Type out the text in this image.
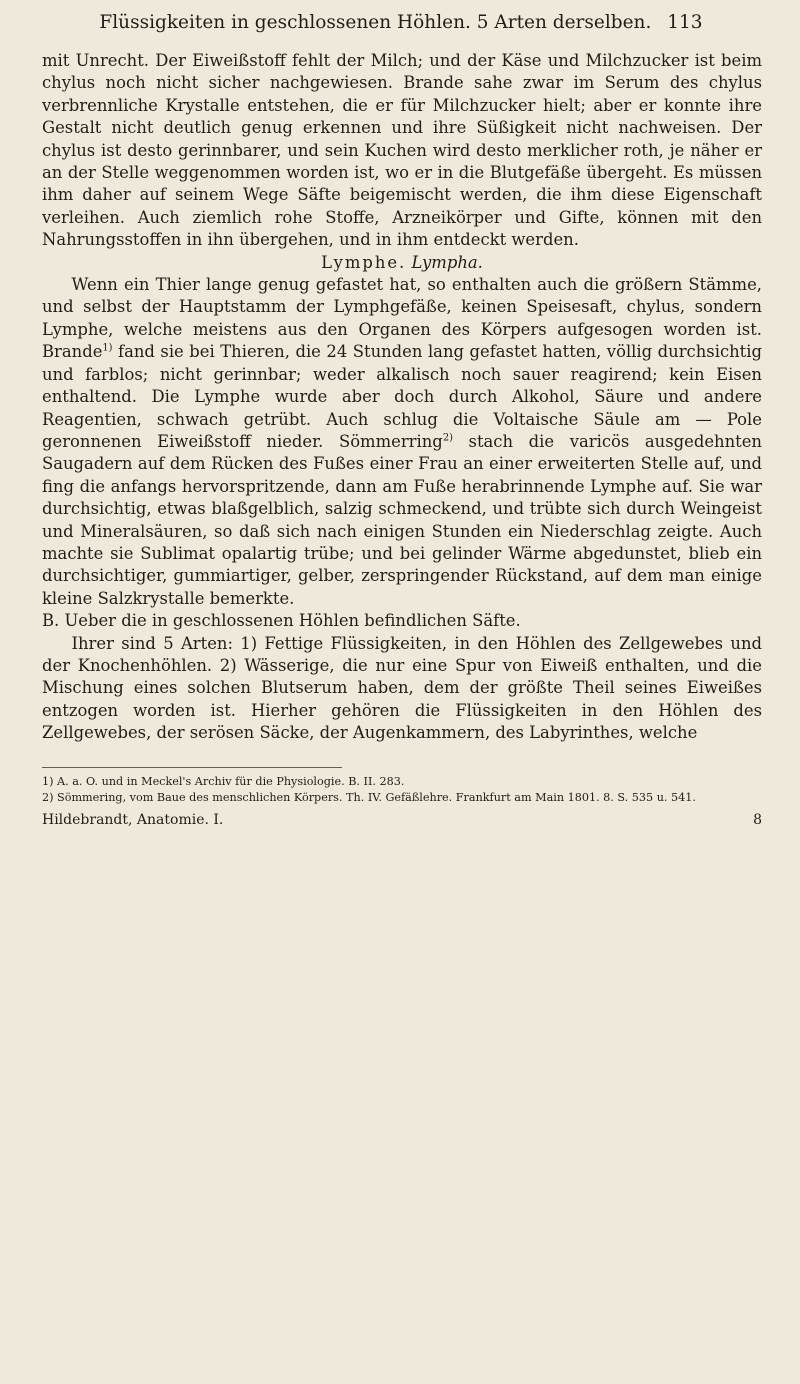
Flüssigkeiten in geschlossenen Höhlen. 5 Arten derselben. 113

mit Unrecht. Der Eiweißstoff fehlt der Milch; und der Käse und Milchzucker ist beim chylus noch nicht sicher nachgewiesen. Brande sahe zwar im Serum des chylus verbrennliche Krystalle entstehen, die er für Milchzucker hielt; aber er konnte ihre Gestalt nicht deutlich genug erkennen und ihre Süßigkeit nicht nachweisen. Der chylus ist desto gerinnbarer, und sein Kuchen wird desto merklicher roth, je näher er an der Stelle weggenommen worden ist, wo er in die Blutgefäße übergeht. Es müssen ihm daher auf seinem Wege Säfte beigemischt werden, die ihm diese Eigenschaft verleihen. Auch ziemlich rohe Stoffe, Arzneikörper und Gifte, können mit den Nahrungsstoffen in ihn übergehen, und in ihm entdeckt werden.

Lymphe. Lympha.

Wenn ein Thier lange genug gefastet hat, so enthalten auch die größern Stämme, und selbst der Hauptstamm der Lymphgefäße, keinen Speisesaft, chylus, sondern Lymphe, welche meistens aus den Organen des Körpers aufgesogen worden ist. Brande$^{1)}$ fand sie bei Thieren, die 24 Stunden lang gefastet hatten, völlig durchsichtig und farblos; nicht gerinnbar; weder alkalisch noch sauer reagirend; kein Eisen enthaltend. Die Lymphe wurde aber doch durch Alkohol, Säure und andere Reagentien, schwach getrübt. Auch schlug die Voltaische Säule am — Pole geronnenen Eiweißstoff nieder. Sömmerring$^{2)}$ stach die varicös ausgedehnten Saugadern auf dem Rücken des Fußes einer Frau an einer erweiterten Stelle auf, und fing die anfangs hervorspritzende, dann am Fuße herabrinnende Lymphe auf. Sie war durchsichtig, etwas blaßgelblich, salzig schmeckend, und trübte sich durch Weingeist und Mineralsäuren, so daß sich nach einigen Stunden ein Niederschlag zeigte. Auch machte sie Sublimat opalartig trübe; und bei gelinder Wärme abgedunstet, blieb ein durchsichtiger, gummiartiger, gelber, zerspringender Rückstand, auf dem man einige kleine Salzkrystalle bemerkte.

B. Ueber die in geschlossenen Höhlen befindlichen Säfte.

Ihrer sind 5 Arten: 1) Fettige Flüssigkeiten, in den Höhlen des Zellgewebes und der Knochenhöhlen. 2) Wässerige, die nur eine Spur von Eiweiß enthalten, und die Mischung eines solchen Blutserum haben, dem der größte Theil seines Eiweißes entzogen worden ist. Hierher gehören die Flüssigkeiten in den Höhlen des Zellgewebes, der serösen Säcke, der Augenkammern, des Labyrinthes, welche

1) A. a. O. und in Meckel's Archiv für die Physiologie. B. II. 283.

2) Sömmering, vom Baue des menschlichen Körpers. Th. IV. Gefäßlehre. Frankfurt am Main 1801. 8. S. 535 u. 541.

Hildebrandt, Anatomie. I.	8
